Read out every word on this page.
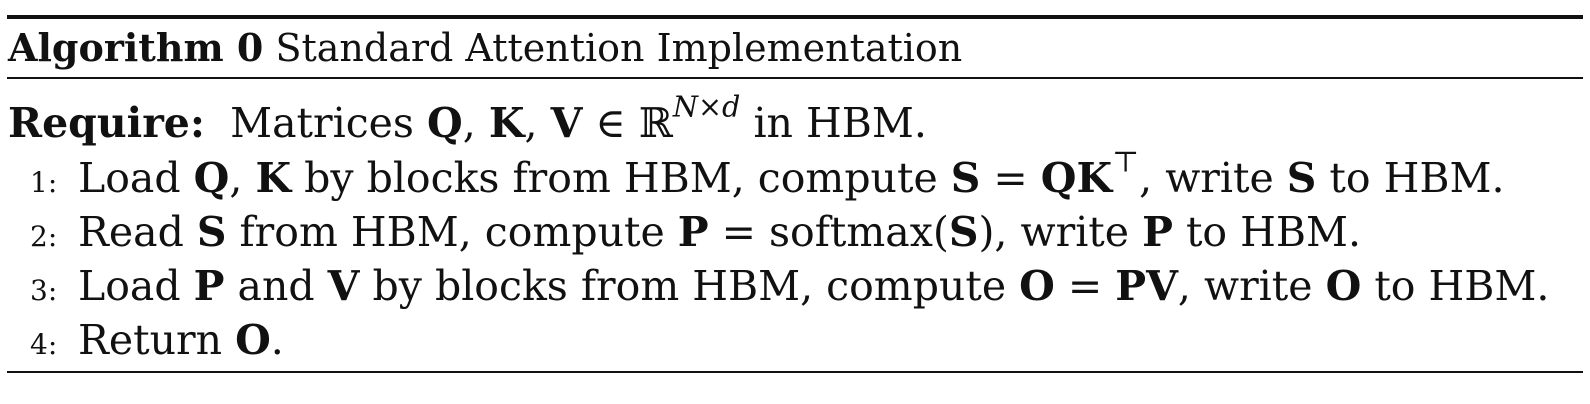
Algorithm 0 Standard Attention Implementation
Require: Matrices Q, K, V ∈ ℝ$^{N\times d}$ in HBM.
1: Load Q, K by blocks from HBM, compute S = QK⊤, write S to HBM.
2: Read S from HBM, compute P = softmax(S), write P to HBM.
3: Load P and V by blocks from HBM, compute O = PV, write O to HBM.
4: Return O.
